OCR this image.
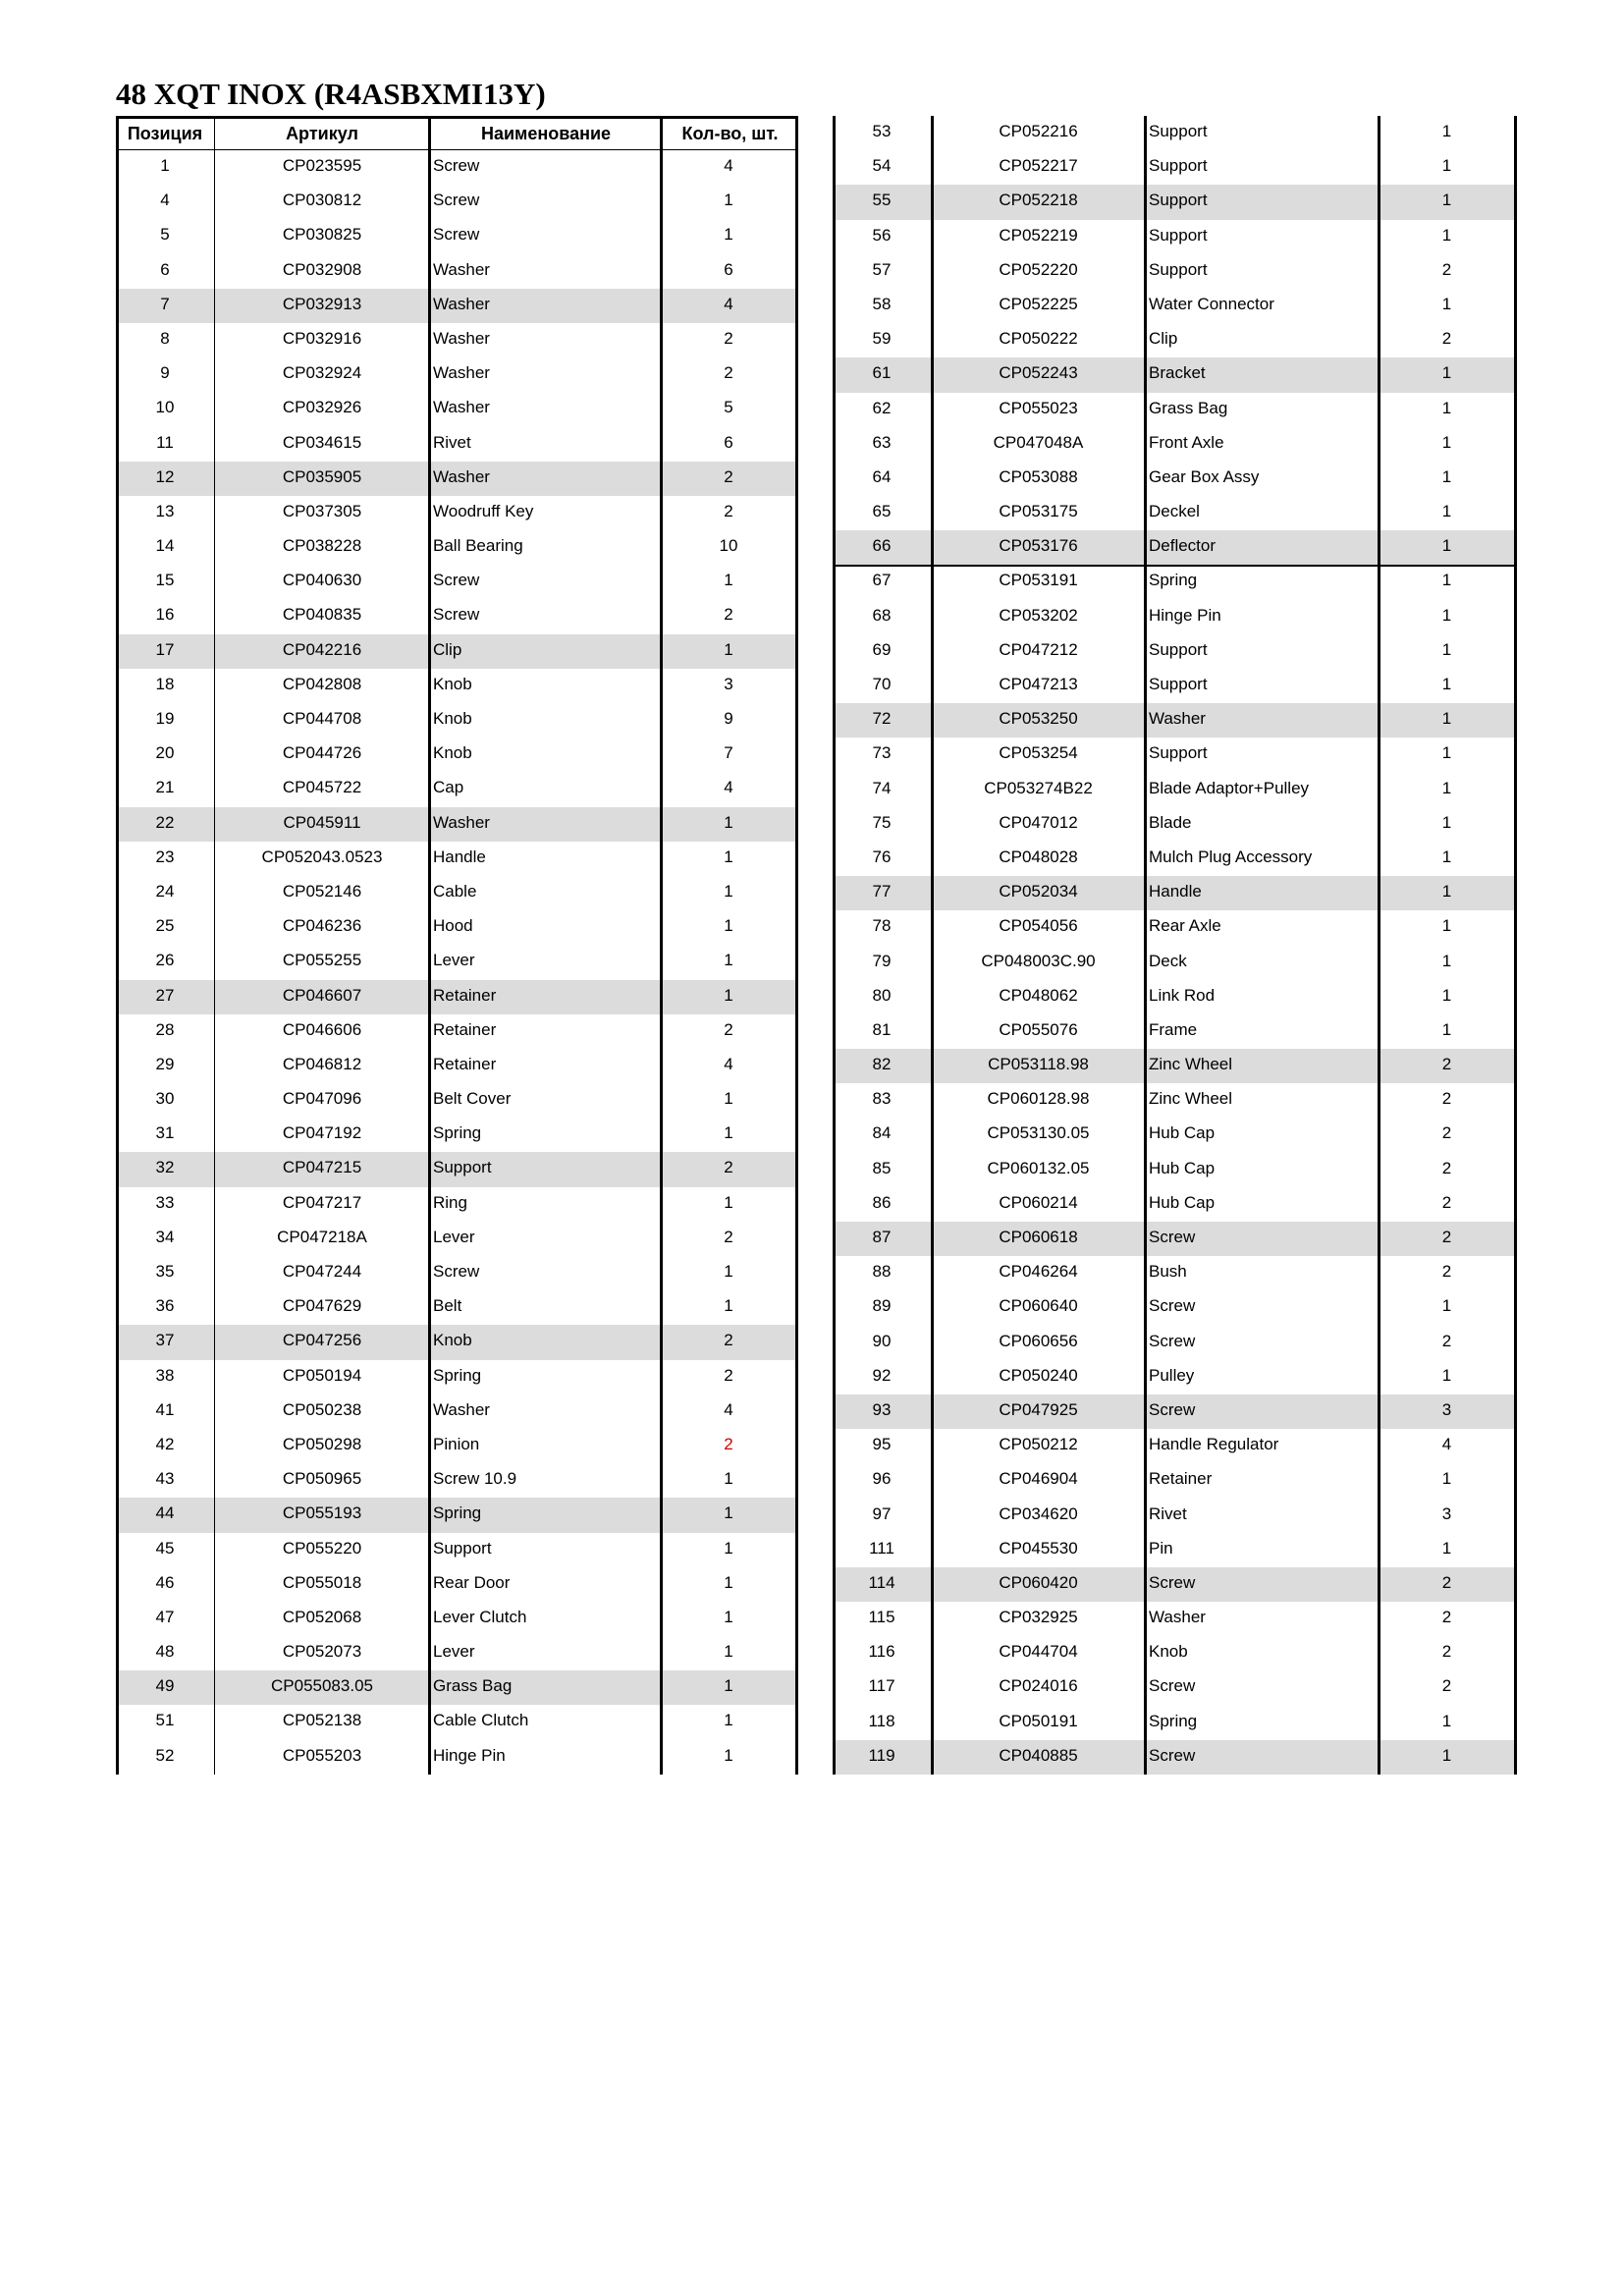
48 XQT INOX (R4ASBXMI13Y)
Позиция	Артикул	Наименование	Кол-во, шт.
1	CP023595	Screw	4
4	CP030812	Screw	1
5	CP030825	Screw	1
6	CP032908	Washer	6
7	CP032913	Washer	4
8	CP032916	Washer	2
9	CP032924	Washer	2
10	CP032926	Washer	5
11	CP034615	Rivet	6
12	CP035905	Washer	2
13	CP037305	Woodruff Key	2
14	CP038228	Ball Bearing	10
15	CP040630	Screw	1
16	CP040835	Screw	2
17	CP042216	Clip	1
18	CP042808	Knob	3
19	CP044708	Knob	9
20	CP044726	Knob	7
21	CP045722	Cap	4
22	CP045911	Washer	1
23	CP052043.0523	Handle	1
24	CP052146	Cable	1
25	CP046236	Hood	1
26	CP055255	Lever	1
27	CP046607	Retainer	1
28	CP046606	Retainer	2
29	CP046812	Retainer	4
30	CP047096	Belt Cover	1
31	CP047192	Spring	1
32	CP047215	Support	2
33	CP047217	Ring	1
34	CP047218A	Lever	2
35	CP047244	Screw	1
36	CP047629	Belt	1
37	CP047256	Knob	2
38	CP050194	Spring	2
41	CP050238	Washer	4
42	CP050298	Pinion	2
43	CP050965	Screw 10.9	1
44	CP055193	Spring	1
45	CP055220	Support	1
46	CP055018	Rear Door	1
47	CP052068	Lever Clutch	1
48	CP052073	Lever	1
49	CP055083.05	Grass Bag	1
51	CP052138	Cable Clutch	1
52	CP055203	Hinge Pin	1
53	CP052216	Support	1
54	CP052217	Support	1
55	CP052218	Support	1
56	CP052219	Support	1
57	CP052220	Support	2
58	CP052225	Water Connector	1
59	CP050222	Clip	2
61	CP052243	Bracket	1
62	CP055023	Grass Bag	1
63	CP047048A	Front Axle	1
64	CP053088	Gear Box Assy	1
65	CP053175	Deckel	1
66	CP053176	Deflector	1
67	CP053191	Spring	1
68	CP053202	Hinge Pin	1
69	CP047212	Support	1
70	CP047213	Support	1
72	CP053250	Washer	1
73	CP053254	Support	1
74	CP053274B22	Blade Adaptor+Pulley	1
75	CP047012	Blade	1
76	CP048028	Mulch Plug Accessory	1
77	CP052034	Handle	1
78	CP054056	Rear Axle	1
79	CP048003C.90	Deck	1
80	CP048062	Link Rod	1
81	CP055076	Frame	1
82	CP053118.98	Zinc Wheel	2
83	CP060128.98	Zinc Wheel	2
84	CP053130.05	Hub Cap	2
85	CP060132.05	Hub Cap	2
86	CP060214	Hub Cap	2
87	CP060618	Screw	2
88	CP046264	Bush	2
89	CP060640	Screw	1
90	CP060656	Screw	2
92	CP050240	Pulley	1
93	CP047925	Screw	3
95	CP050212	Handle Regulator	4
96	CP046904	Retainer	1
97	CP034620	Rivet	3
111	CP045530	Pin	1
114	CP060420	Screw	2
115	CP032925	Washer	2
116	CP044704	Knob	2
117	CP024016	Screw	2
118	CP050191	Spring	1
119	CP040885	Screw	1
